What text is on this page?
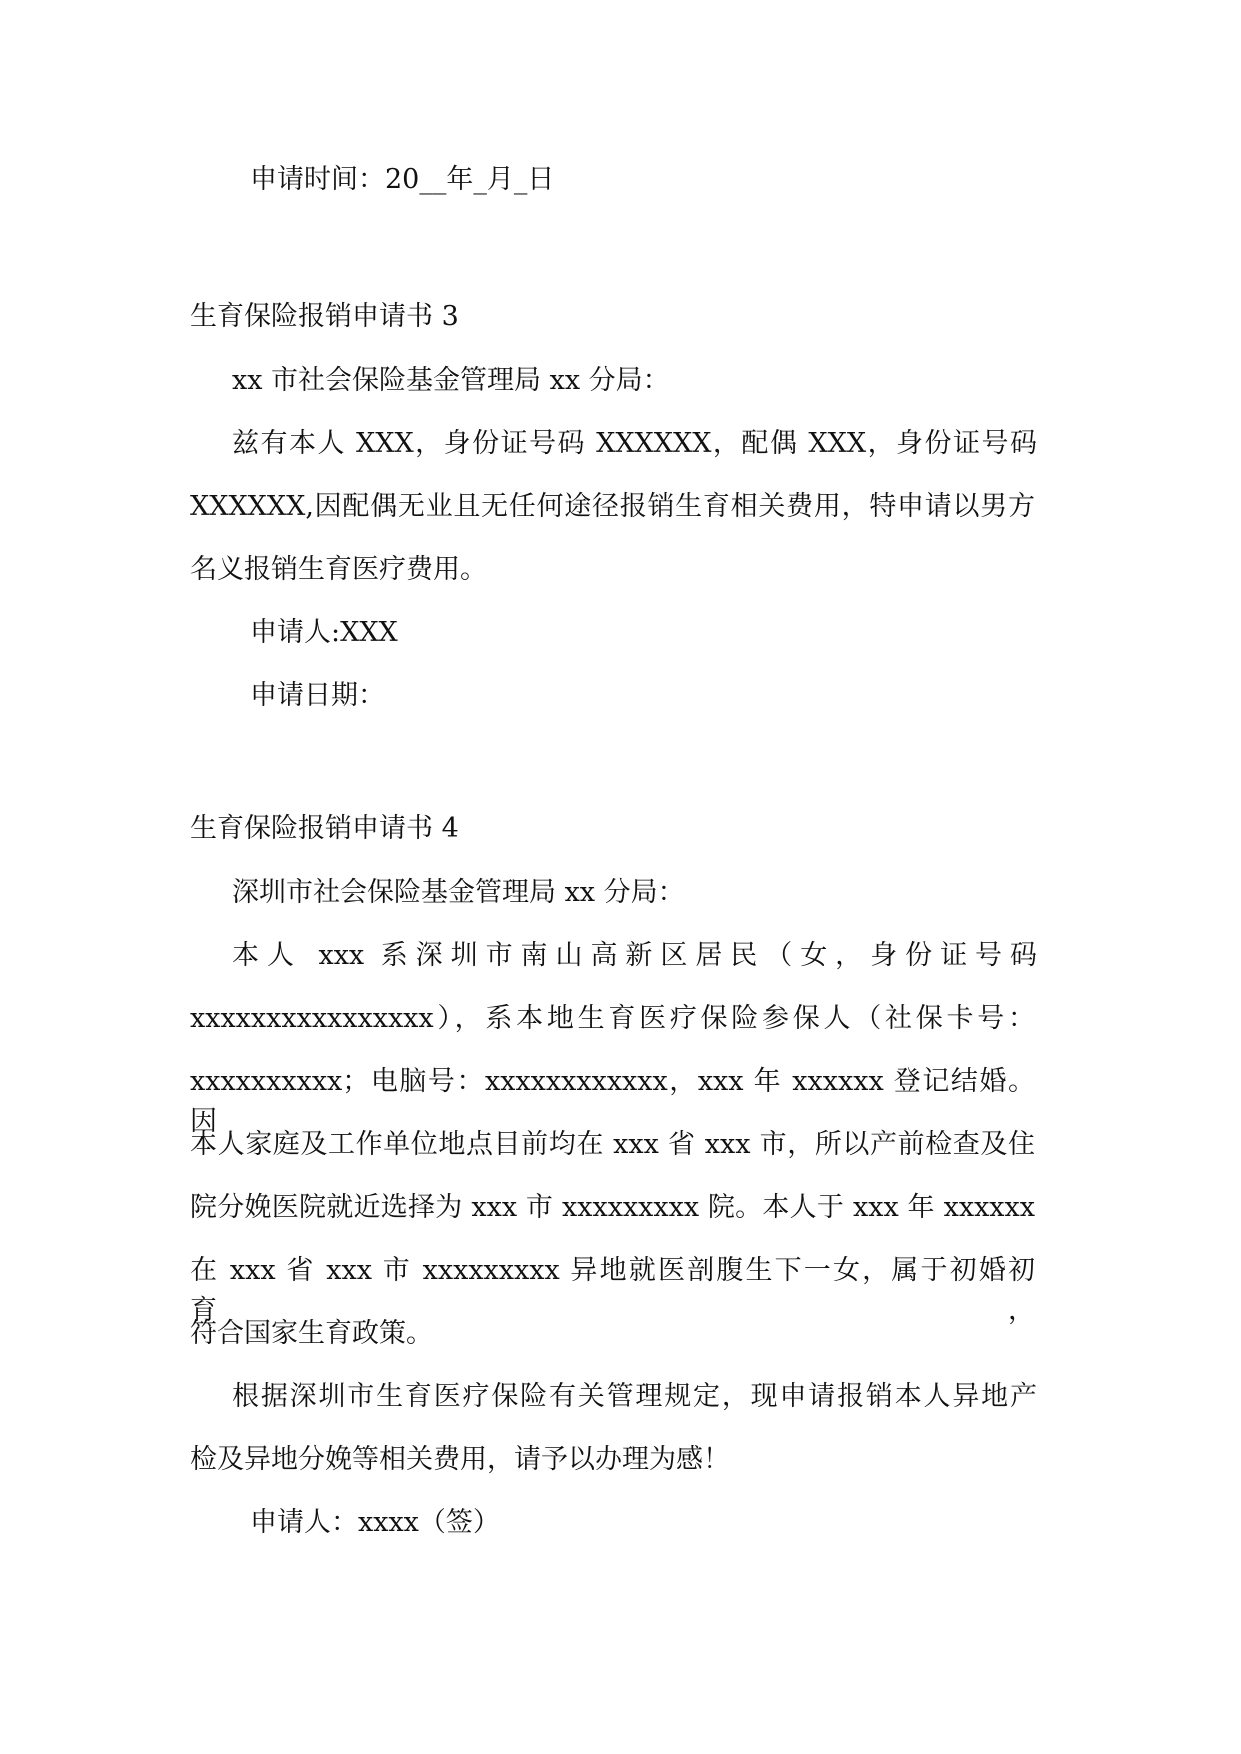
申请时间：20__年_月_日
生育保险报销申请书 3
xx 市社会保险基金管理局 xx 分局：
兹有本人 XXX，身份证号码 XXXXXX，配偶 XXX，身份证号码
XXXXXX,因配偶无业且无任何途径报销生育相关费用，特申请以男方
名义报销生育医疗费用。
申请人:XXX
申请日期：
生育保险报销申请书 4
深圳市社会保险基金管理局 xx 分局：
本人 xxx 系深圳市南山高新区居民（女，身份证号码
xxxxxxxxxxxxxxxx），系本地生育医疗保险参保人（社保卡号：
xxxxxxxxxx；电脑号：xxxxxxxxxxxx，xxx 年 xxxxxx 登记结婚。因
本人家庭及工作单位地点目前均在 xxx 省 xxx 市，所以产前检查及住
院分娩医院就近选择为 xxx 市 xxxxxxxxx 院。本人于 xxx 年 xxxxxx
在 xxx 省 xxx 市 xxxxxxxxx 异地就医剖腹生下一女，属于初婚初育，
符合国家生育政策。
根据深圳市生育医疗保险有关管理规定，现申请报销本人异地产
检及异地分娩等相关费用，请予以办理为感！
申请人：xxxx（签）
